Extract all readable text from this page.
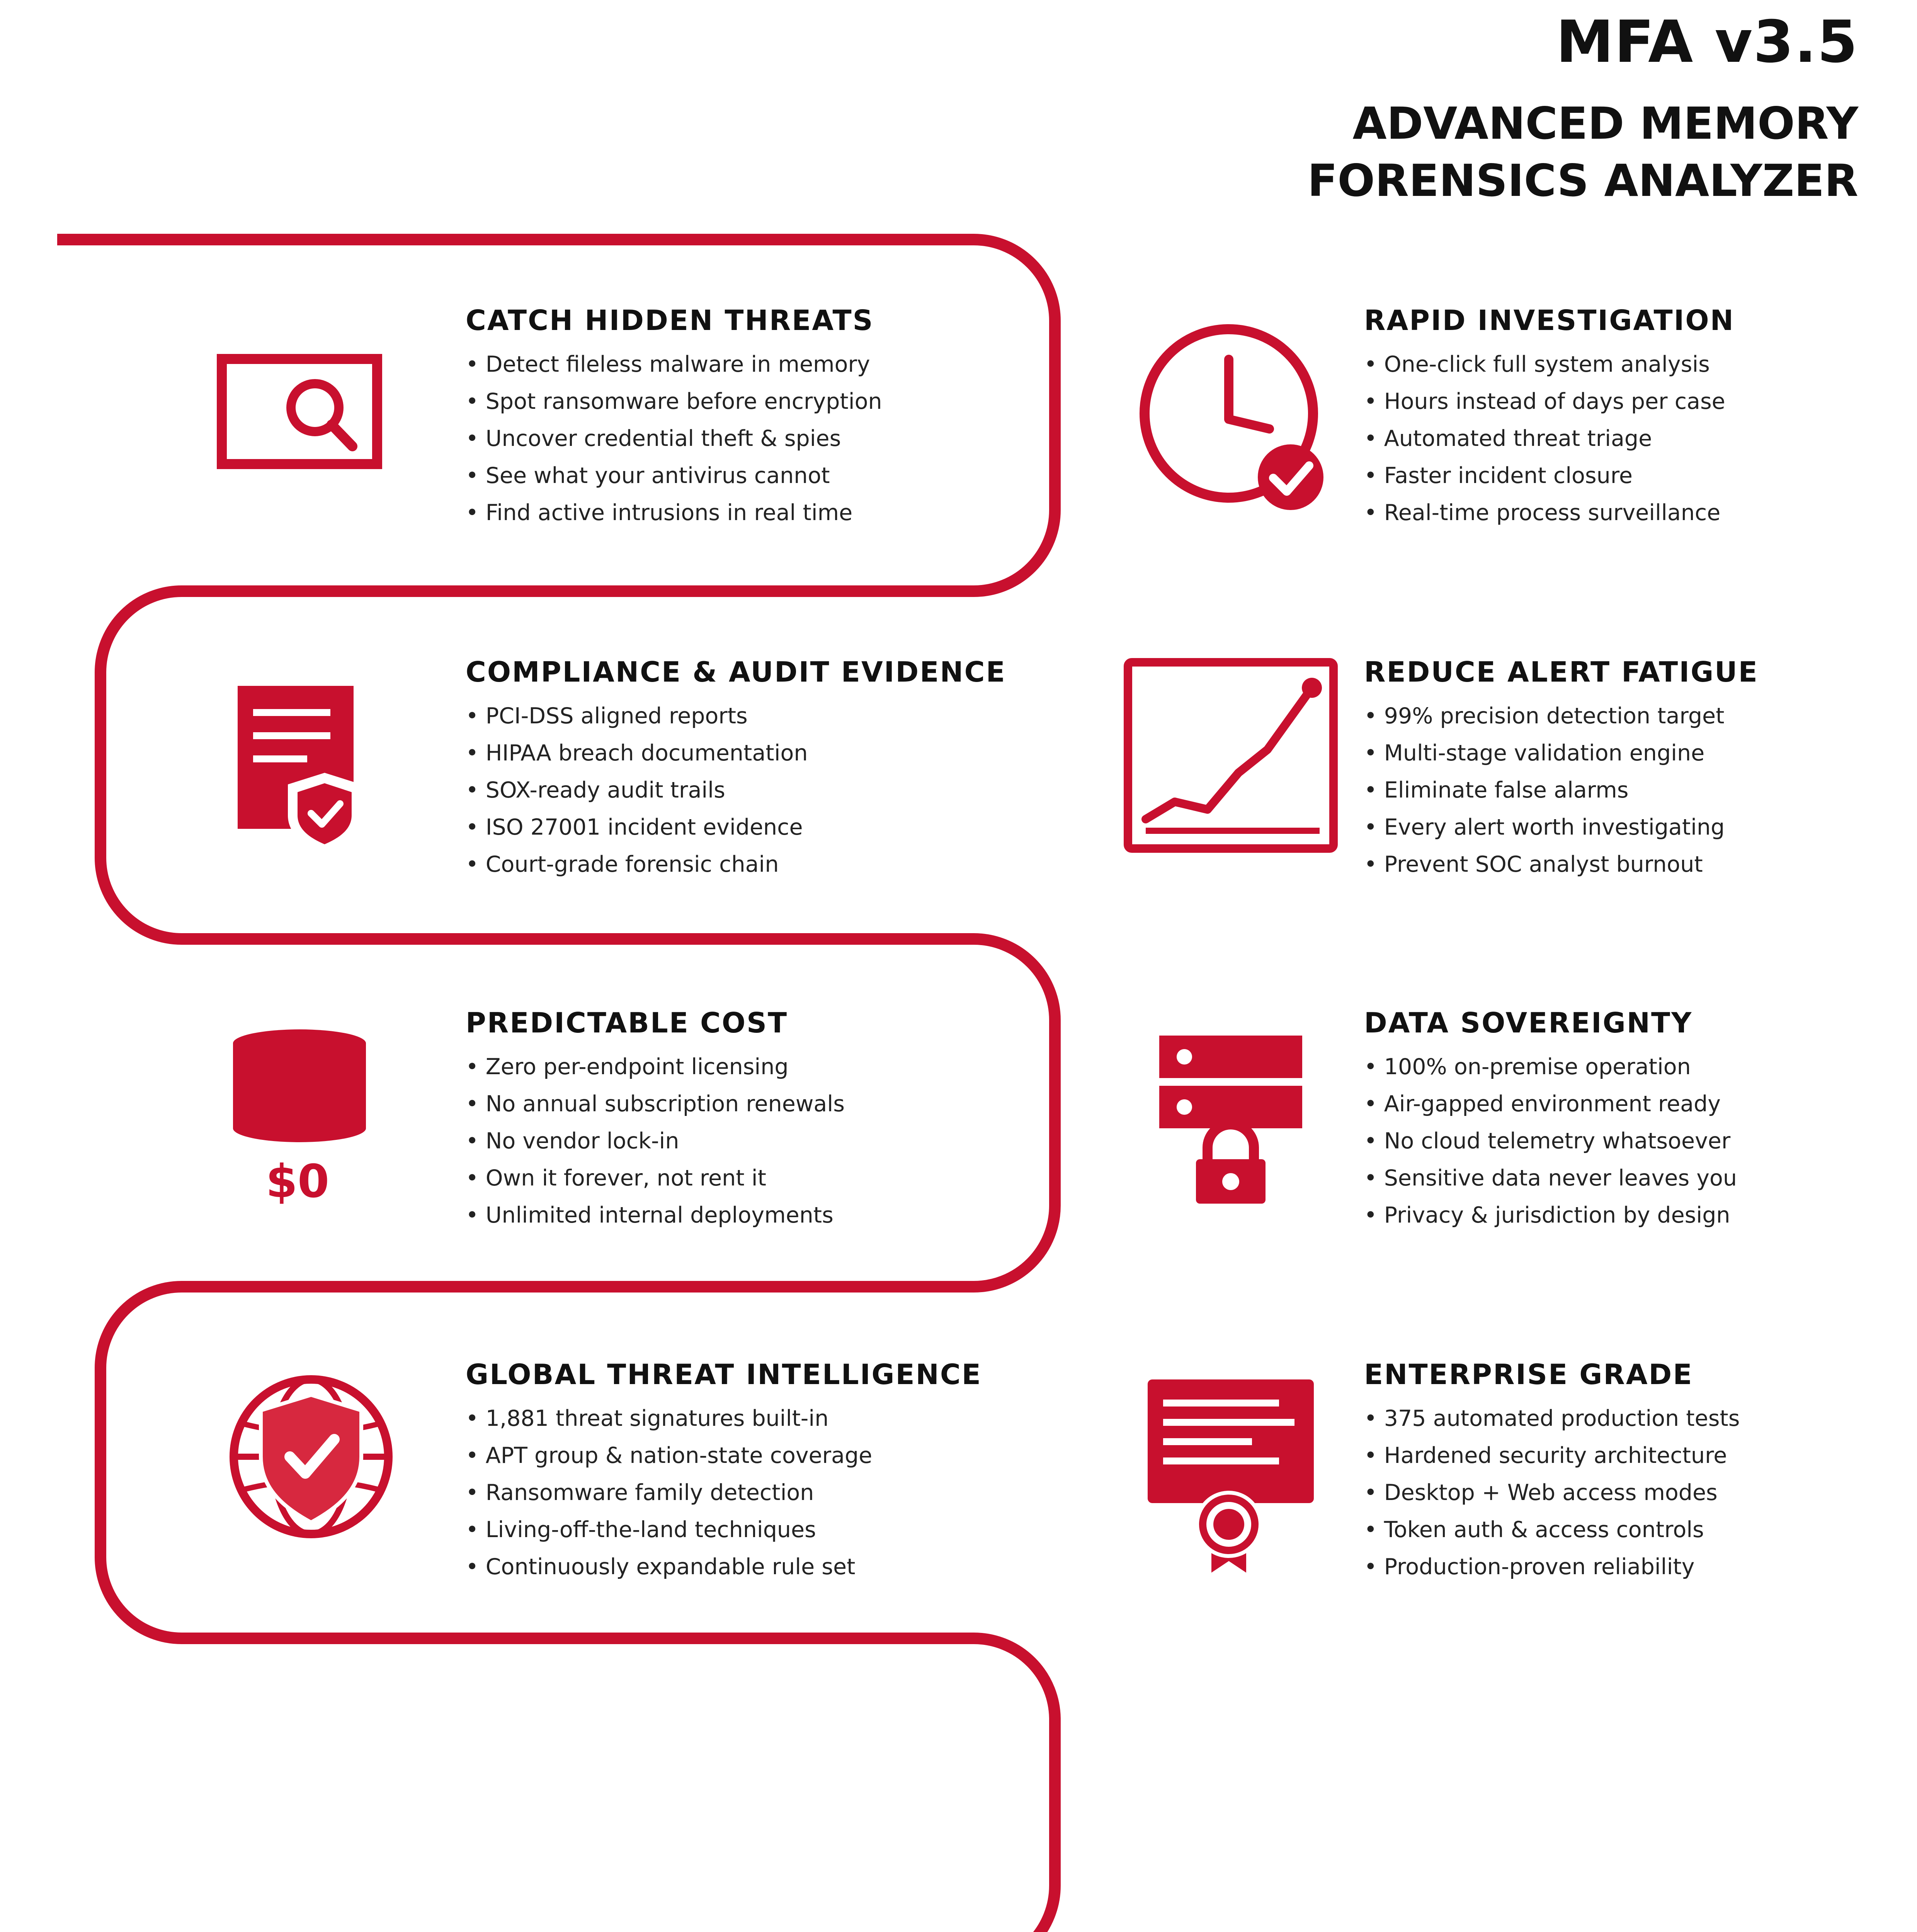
MFA v3.5
ADVANCED MEMORY
FORENSICS ANALYZER
$0
CATCH HIDDEN THREATS
• Detect fileless malware in memory
• Spot ransomware before encryption
• Uncover credential theft & spies
• See what your antivirus cannot
• Find active intrusions in real time
RAPID INVESTIGATION
• One-click full system analysis
• Hours instead of days per case
• Automated threat triage
• Faster incident closure
• Real-time process surveillance
COMPLIANCE & AUDIT EVIDENCE
• PCI-DSS aligned reports
• HIPAA breach documentation
• SOX-ready audit trails
• ISO 27001 incident evidence
• Court-grade forensic chain
REDUCE ALERT FATIGUE
• 99% precision detection target
• Multi-stage validation engine
• Eliminate false alarms
• Every alert worth investigating
• Prevent SOC analyst burnout
PREDICTABLE COST
• Zero per-endpoint licensing
• No annual subscription renewals
• No vendor lock-in
• Own it forever, not rent it
• Unlimited internal deployments
DATA SOVEREIGNTY
• 100% on-premise operation
• Air-gapped environment ready
• No cloud telemetry whatsoever
• Sensitive data never leaves you
• Privacy & jurisdiction by design
GLOBAL THREAT INTELLIGENCE
• 1,881 threat signatures built-in
• APT group & nation-state coverage
• Ransomware family detection
• Living-off-the-land techniques
• Continuously expandable rule set
ENTERPRISE GRADE
• 375 automated production tests
• Hardened security architecture
• Desktop + Web access modes
• Token auth & access controls
• Production-proven reliability
